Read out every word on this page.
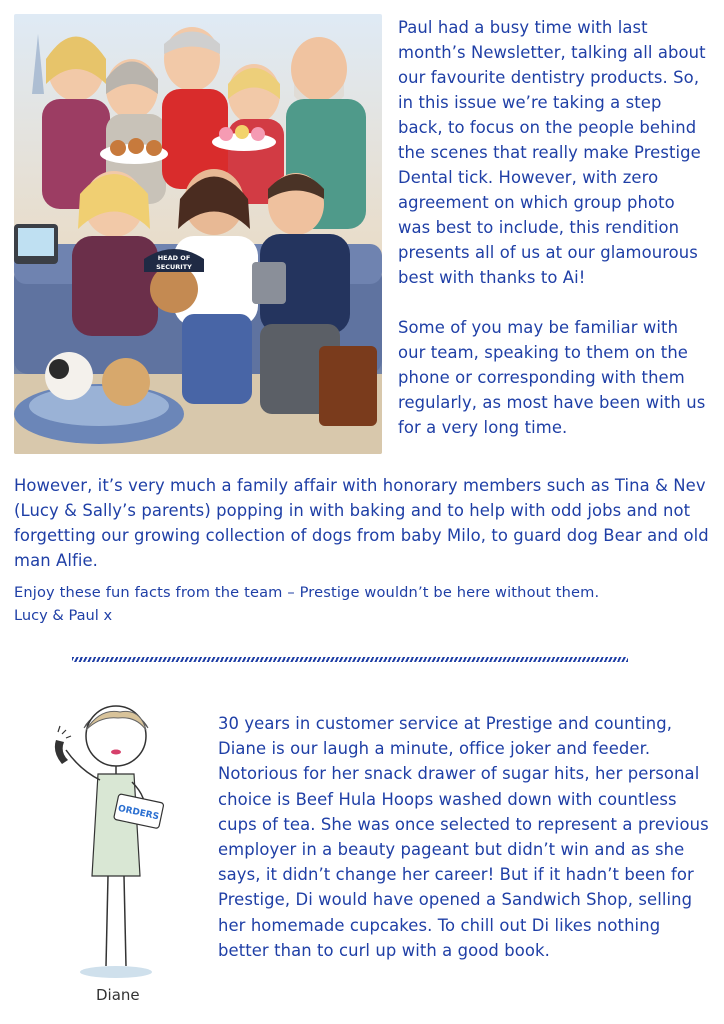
HEAD OF
SECURITY

Paul had a busy time with last month’s Newsletter, talking all about our favourite dentistry products. So, in this issue we’re taking a step back, to focus on the people behind the scenes that really make Prestige Dental tick. However, with zero agreement on which group photo was best to include, this rendition presents all of us at our glamourous best with thanks to Ai!

Some of you may be familiar with our team, speaking to them on the phone or corresponding with them regularly, as most have been with us for a very long time.

However, it’s very much a family affair with honorary members such as Tina & Nev (Lucy & Sally’s parents) popping in with baking and to help with odd jobs and not forgetting our growing collection of dogs from baby Milo, to guard dog Bear and old man Alfie.

Enjoy these fun facts from the team – Prestige wouldn’t be here without them.

Lucy & Paul x

ORDERS
Diane

30 years in customer service at Prestige and counting, Diane is our laugh a minute, office joker and feeder. Notorious for her snack drawer of sugar hits, her personal choice is Beef Hula Hoops washed down with countless cups of tea. She was once selected to represent a previous employer in a beauty pageant but didn’t win and as she says, it didn’t change her career! But if it hadn’t been for Prestige, Di would have opened a Sandwich Shop, selling her homemade cupcakes. To chill out Di likes nothing better than to curl up with a good book.
